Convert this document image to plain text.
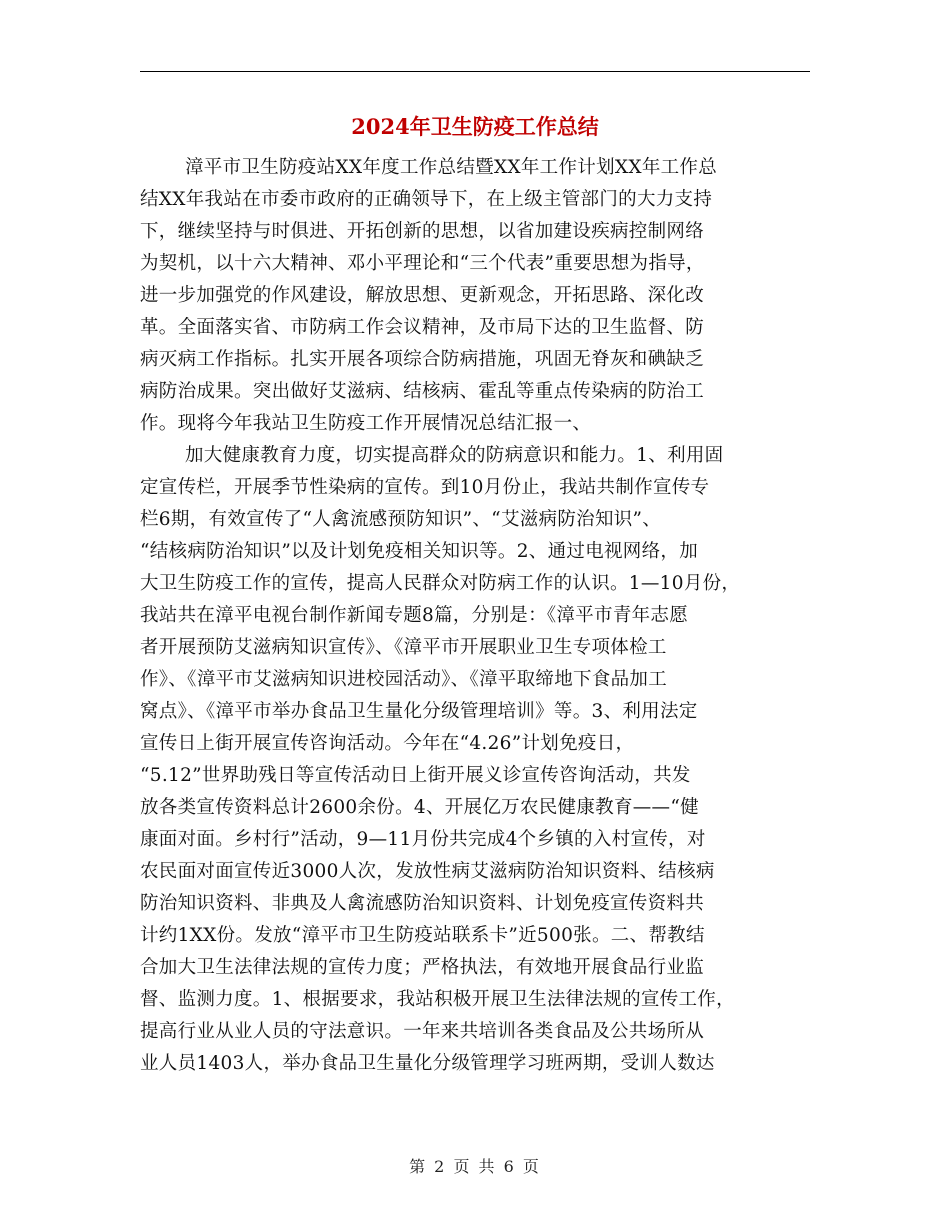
2024年卫生防疫工作总结
漳平市卫生防疫站XX年度工作总结暨XX年工作计划XX年工作总
结XX年我站在市委市政府的正确领导下，在上级主管部门的大力支持
下，继续坚持与时俱进、开拓创新的思想，以省加建设疾病控制网络
为契机，以十六大精神、邓小平理论和“三个代表”重要思想为指导，
进一步加强党的作风建设，解放思想、更新观念，开拓思路、深化改
革。全面落实省、市防病工作会议精神，及市局下达的卫生监督、防
病灭病工作指标。扎实开展各项综合防病措施，巩固无脊灰和碘缺乏
病防治成果。突出做好艾滋病、结核病、霍乱等重点传染病的防治工
作。现将今年我站卫生防疫工作开展情况总结汇报一、
加大健康教育力度，切实提高群众的防病意识和能力。1、利用固
定宣传栏，开展季节性染病的宣传。到10月份止，我站共制作宣传专
栏6期，有效宣传了“人禽流感预防知识”、“艾滋病防治知识”、
“结核病防治知识”以及计划免疫相关知识等。2、通过电视网络，加
大卫生防疫工作的宣传，提高人民群众对防病工作的认识。1—10月份，
我站共在漳平电视台制作新闻专题8篇，分别是：《漳平市青年志愿
者开展预防艾滋病知识宣传》、《漳平市开展职业卫生专项体检工
作》、《漳平市艾滋病知识进校园活动》、《漳平取缔地下食品加工
窝点》、《漳平市举办食品卫生量化分级管理培训》等。3、利用法定
宣传日上街开展宣传咨询活动。今年在“4.26”计划免疫日，
“5.12”世界助残日等宣传活动日上街开展义诊宣传咨询活动，共发
放各类宣传资料总计2600余份。4、开展亿万农民健康教育——“健
康面对面。乡村行”活动，9—11月份共完成4个乡镇的入村宣传，对
农民面对面宣传近3000人次，发放性病艾滋病防治知识资料、结核病
防治知识资料、非典及人禽流感防治知识资料、计划免疫宣传资料共
计约1XX份。发放“漳平市卫生防疫站联系卡”近500张。二、帮教结
合加大卫生法律法规的宣传力度；严格执法，有效地开展食品行业监
督、监测力度。1、根据要求，我站积极开展卫生法律法规的宣传工作，
提高行业从业人员的守法意识。一年来共培训各类食品及公共场所从
业人员1403人，举办食品卫生量化分级管理学习班两期，受训人数达
第 2 页 共 6 页
